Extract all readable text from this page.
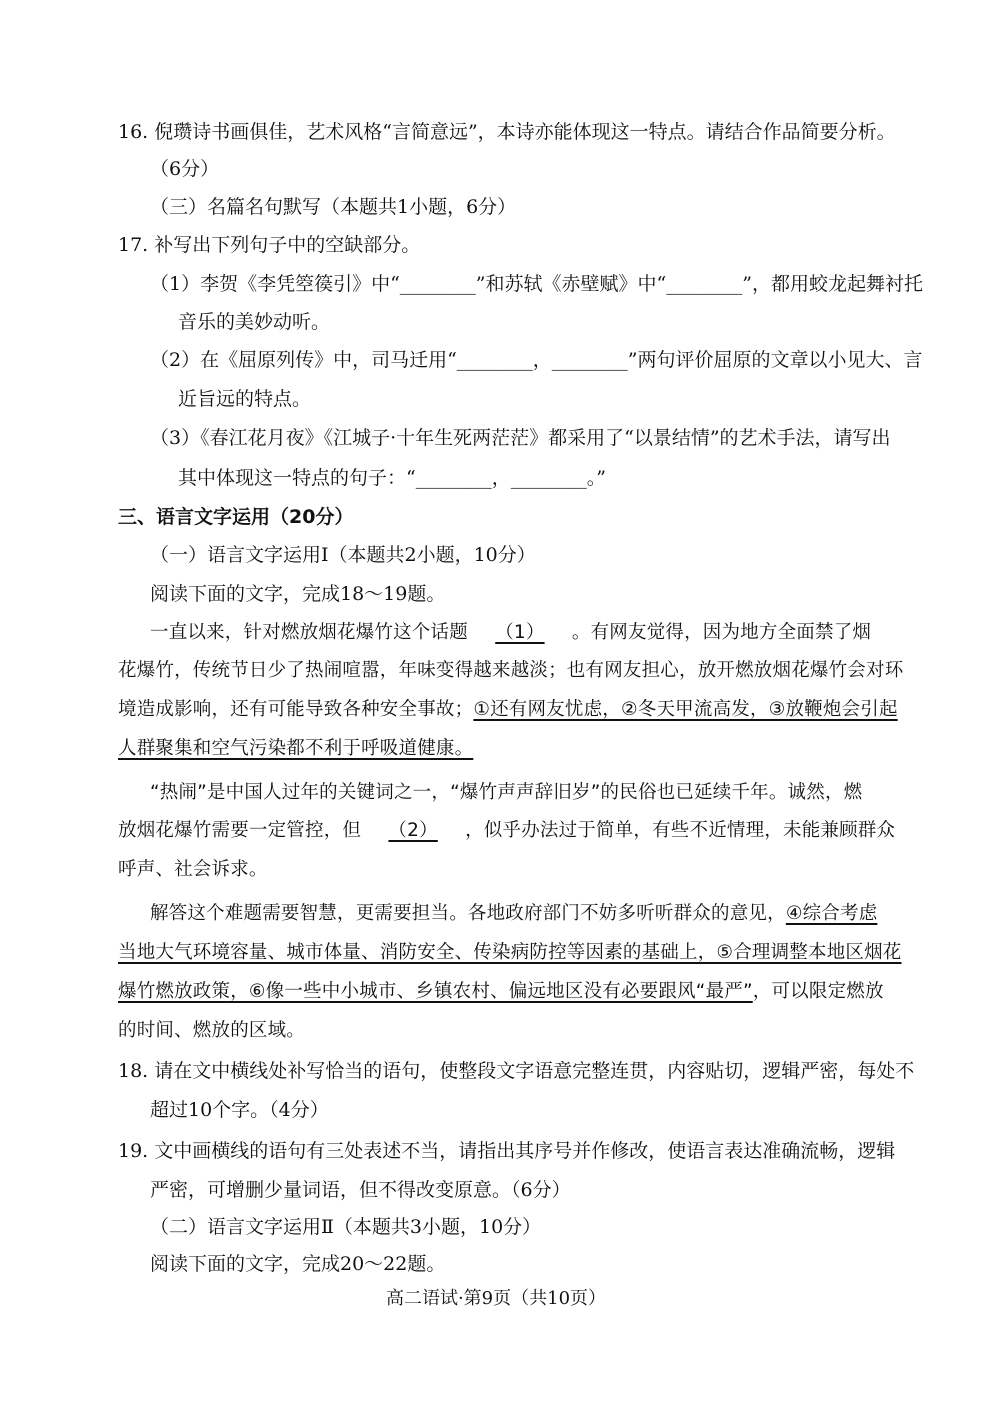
16. 倪瓒诗书画俱佳，艺术风格“言简意远”，本诗亦能体现这一特点。请结合作品简要分析。
（6分）
（三）名篇名句默写（本题共1小题，6分）
17. 补写出下列句子中的空缺部分。
（1）李贺《李凭箜篌引》中“________”和苏轼《赤壁赋》中“________”，都用蛟龙起舞衬托
音乐的美妙动听。
（2）在《屈原列传》中，司马迁用“________，________”两句评价屈原的文章以小见大、言
近旨远的特点。
（3）《春江花月夜》《江城子·十年生死两茫茫》都采用了“以景结情”的艺术手法，请写出
其中体现这一特点的句子：“________，________。”
三、语言文字运用（20分）
（一）语言文字运用Ⅰ（本题共2小题，10分）
阅读下面的文字，完成18～19题。
一直以来，针对燃放烟花爆竹这个话题 （1） 。有网友觉得，因为地方全面禁了烟
花爆竹，传统节日少了热闹喧嚣，年味变得越来越淡；也有网友担心，放开燃放烟花爆竹会对环
境造成影响，还有可能导致各种安全事故；①还有网友忧虑，②冬天甲流高发，③放鞭炮会引起
人群聚集和空气污染都不利于呼吸道健康。
“热闹”是中国人过年的关键词之一，“爆竹声声辞旧岁”的民俗也已延续千年。诚然，燃
放烟花爆竹需要一定管控，但 （2） ，似乎办法过于简单，有些不近情理，未能兼顾群众
呼声、社会诉求。
解答这个难题需要智慧，更需要担当。各地政府部门不妨多听听群众的意见，④综合考虑
当地大气环境容量、城市体量、消防安全、传染病防控等因素的基础上，⑤合理调整本地区烟花
爆竹燃放政策，⑥像一些中小城市、乡镇农村、偏远地区没有必要跟风“最严”，可以限定燃放
的时间、燃放的区域。
18. 请在文中横线处补写恰当的语句，使整段文字语意完整连贯，内容贴切，逻辑严密，每处不
超过10个字。（4分）
19. 文中画横线的语句有三处表述不当，请指出其序号并作修改，使语言表达准确流畅，逻辑
严密，可增删少量词语，但不得改变原意。（6分）
（二）语言文字运用Ⅱ（本题共3小题，10分）
阅读下面的文字，完成20～22题。
高二语试·第9页（共10页）
